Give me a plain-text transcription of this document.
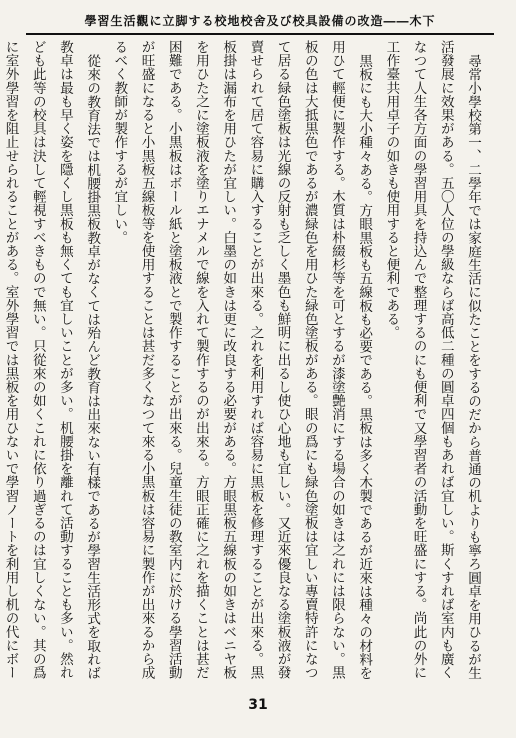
學習生活觀に立脚する校地校舍及び校具設備の改造――木下

尋常小學校第一、二學年では家庭生活に似たことをするのだから普通の机よりも寧ろ圓卓を用ひるが生活發展に效果がある。五〇人位の學級ならば高低二種の圓卓四個もあれば宜しい。斯くすれば室内も廣くなつて人生各方面の學習用具を持込んで整理するのにも便利で又學習者の活動を旺盛にする。尚此の外に工作臺共用卓子の如きも使用すると便利である。

黒板にも大小種々ある。方眼黒板も五線板も必要である。黒板は多く木製であるが近來は種々の材料を用ひて輕便に製作する。木質は朴綴杉等を可とするが漆塗艶消にする場合の如きは之れには限らない。黒板の色は大抵黒色であるが濃緑色を用ひた緑色塗板がある。眼の爲にも緑色塗板は宜しい專賣特許になつて居る緑色塗板は光線の反射も乏しく墨色も鮮明に出るし使ひ心地も宜しい。又近來優良なる塗板液が發賣せられて居て容易に購入することが出來る。之れを利用すれば容易に黒板を修理することが出來る。黒板掛は漏布を用ひたが宜しい。白墨の如きは更に改良する必要がある。方眼黒板五線板の如きはベニヤ板を用ひた之に塗板液を塗りエナメルで線を入れて製作するのが出來る。方眼正確に之れを描くことは甚だ困難である。小黒板はボール紙と塗板液とで製作することが出來る。兒童生徒の教室内に於ける學習活動が旺盛になると小黒板五線板等を使用することは甚だ多くなつて來る小黒板は容易に製作が出來るから成るべく教師が製作するが宜しい。

從來の教育法では机腰掛黒板教卓がなくては殆んど教育は出來ない有樣であるが學習生活形式を取れば教卓は最も早く姿を隱くし黒板も無くても宜しいことが多い。机腰掛を離れて活動することも多い。然れども此等の校具は決して輕視すべきもので無い。只從來の如くこれに依り過ぎるのは宜しくない。其の爲に室外學習を阻止せられることがある。室外學習では黒板を用ひないで學習ノートを利用し机の代にボー

31
